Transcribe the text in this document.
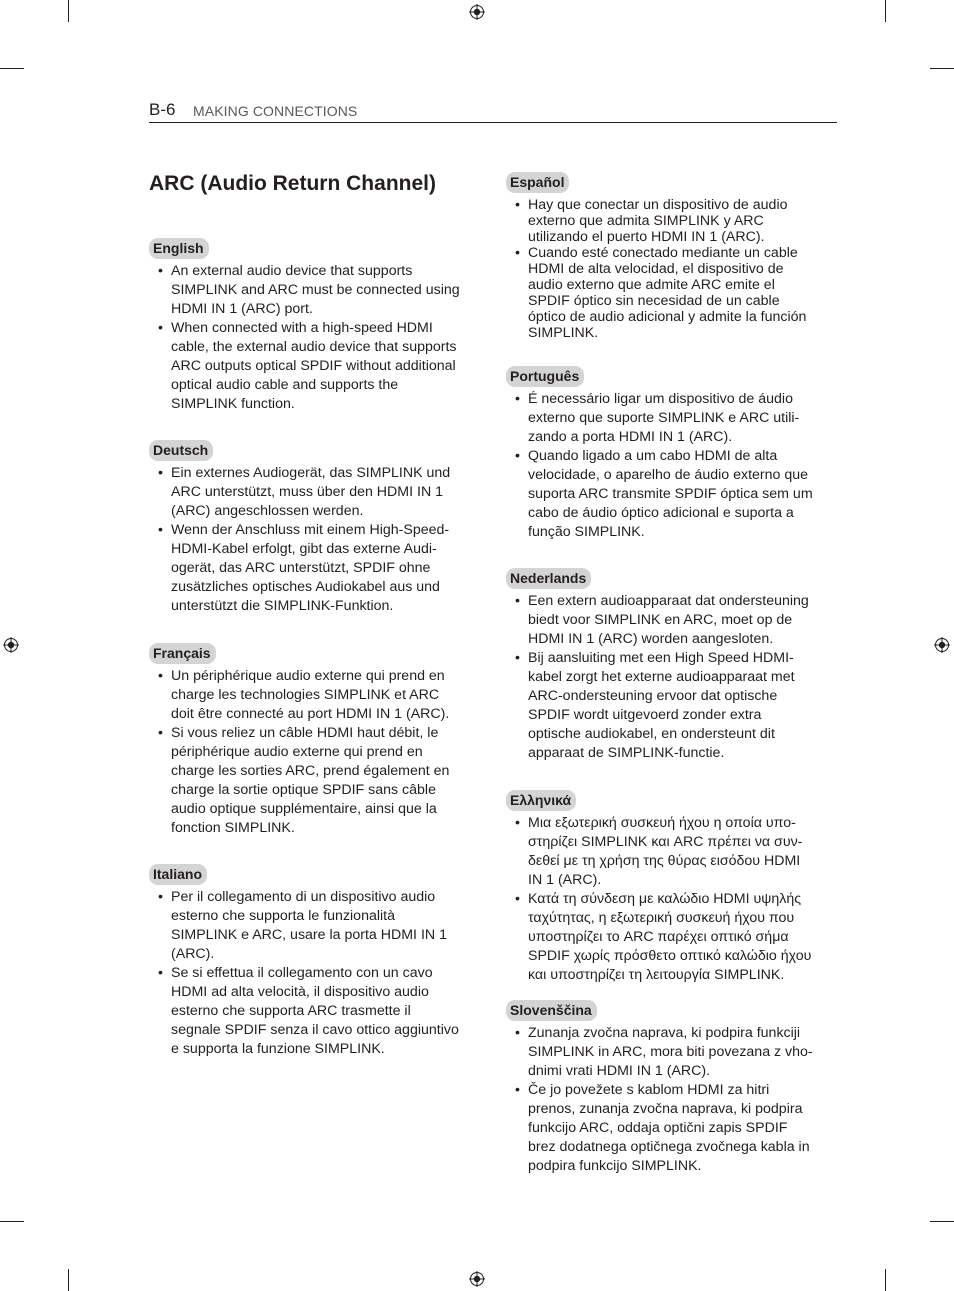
B-6 MAKING CONNECTIONS
ARC (Audio Return Channel)
English
• An external audio device that supports SIMPLINK and ARC must be connected using HDMI IN 1 (ARC) port.
• When connected with a high-speed HDMI cable, the external audio device that supports ARC outputs optical SPDIF without additional optical audio cable and supports the SIMPLINK function.
Deutsch
• Ein externes Audiogerät, das SIMPLINK und ARC unterstützt, muss über den HDMI IN 1 (ARC) angeschlossen werden.
• Wenn der Anschluss mit einem High-Speed-HDMI-Kabel erfolgt, gibt das externe Audi-ogerät, das ARC unterstützt, SPDIF ohne zusätzliches optisches Audiokabel aus und unterstützt die SIMPLINK-Funktion.
Français
• Un périphérique audio externe qui prend en charge les technologies SIMPLINK et ARC doit être connecté au port HDMI IN 1 (ARC).
• Si vous reliez un câble HDMI haut débit, le périphérique audio externe qui prend en charge les sorties ARC, prend également en charge la sortie optique SPDIF sans câble audio optique supplémentaire, ainsi que la fonction SIMPLINK.
Italiano
• Per il collegamento di un dispositivo audio esterno che supporta le funzionalità SIMPLINK e ARC, usare la porta HDMI IN 1 (ARC).
• Se si effettua il collegamento con un cavo HDMI ad alta velocità, il dispositivo audio esterno che supporta ARC trasmette il segnale SPDIF senza il cavo ottico aggiuntivo e supporta la funzione SIMPLINK.
Español
• Hay que conectar un dispositivo de audio externo que admita SIMPLINK y ARC utilizando el puerto HDMI IN 1 (ARC).
• Cuando esté conectado mediante un cable HDMI de alta velocidad, el dispositivo de audio externo que admite ARC emite el SPDIF óptico sin necesidad de un cable óptico de audio adicional y admite la función SIMPLINK.
Português
• É necessário ligar um dispositivo de áudio externo que suporte SIMPLINK e ARC utili-zando a porta HDMI IN 1 (ARC).
• Quando ligado a um cabo HDMI de alta velocidade, o aparelho de áudio externo que suporta ARC transmite SPDIF óptica sem um cabo de áudio óptico adicional e suporta a função SIMPLINK.
Nederlands
• Een extern audioapparaat dat ondersteuning biedt voor SIMPLINK en ARC, moet op de HDMI IN 1 (ARC) worden aangesloten.
• Bij aansluiting met een High Speed HDMI-kabel zorgt het externe audioapparaat met ARC-ondersteuning ervoor dat optische SPDIF wordt uitgevoerd zonder extra optische audiokabel, en ondersteunt dit apparaat de SIMPLINK-functie.
Ελληνικά
• Μια εξωτερική συσκευή ήχου η οποία υπο-στηρίζει SIMPLINK και ARC πρέπει να συν-δεθεί με τη χρήση της θύρας εισόδου HDMI IN 1 (ARC).
• Κατά τη σύνδεση με καλώδιο HDMI υψηλής ταχύτητας, η εξωτερική συσκευή ήχου που υποστηρίζει το ARC παρέχει οπτικό σήμα SPDIF χωρίς πρόσθετο οπτικό καλώδιο ήχου και υποστηρίζει τη λειτουργία SIMPLINK.
Slovenščina
• Zunanja zvočna naprava, ki podpira funkciji SIMPLINK in ARC, mora biti povezana z vho-dnimi vrati HDMI IN 1 (ARC).
• Če jo povežete s kablom HDMI za hitri prenos, zunanja zvočna naprava, ki podpira funkcijo ARC, oddaja optični zapis SPDIF brez dodatnega optičnega zvočnega kabla in podpira funkcijo SIMPLINK.
